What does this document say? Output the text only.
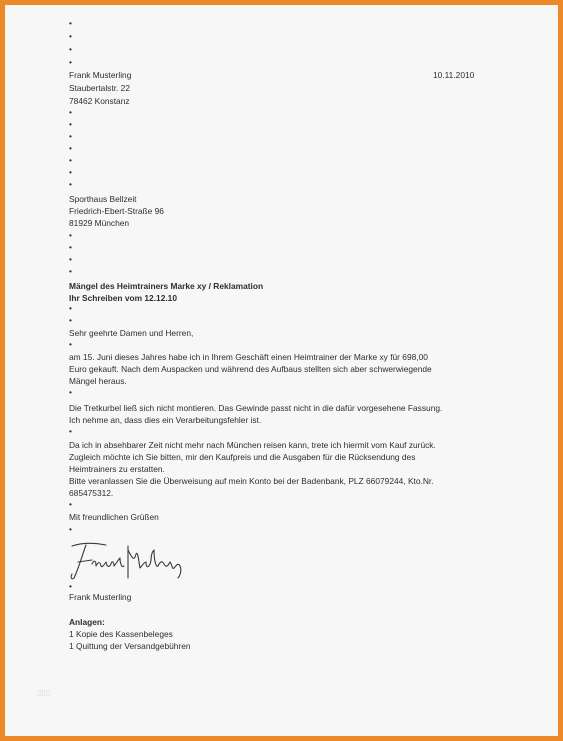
•
•
•
•
Frank Musterling	10.11.2010
Staubertalstr. 22
78462 Konstanz
•
•
•
•
•
•
•
Sporthaus Bellzeit
Friedrich-Ebert-Straße 96
81929 München
•
•
•
•
Mängel des Heimtrainers Marke xy / Reklamation
Ihr Schreiben vom 12.12.10
•
•
Sehr geehrte Damen und Herren,
•
am 15. Juni dieses Jahres habe ich in Ihrem Geschäft einen Heimtrainer der Marke xy für 698,00
Euro gekauft. Nach dem Auspacken und während des Aufbaus stellten sich aber schwerwiegende
Mängel heraus.
•
Die Tretkurbel ließ sich nicht montieren. Das Gewinde passt nicht in die dafür vorgesehene Fassung.
Ich nehme an, dass dies ein Verarbeitungsfehler ist.
•
Da ich in absehbarer Zeit nicht mehr nach München reisen kann, trete ich hiermit vom Kauf zurück.
Zugleich möchte ich Sie bitten, mir den Kaufpreis und die Ausgaben für die Rücksendung des
Heimtrainers zu erstatten.
Bitte veranlassen Sie die Überweisung auf mein Konto bei der Badenbank, PLZ 66079244, Kto.Nr.
685475312.
•
Mit freundlichen Grüßen
•
•
Frank Musterling
Anlagen:
1 Kopie des Kassenbeleges
1 Quittung der Versandgebühren
▯▯▯
